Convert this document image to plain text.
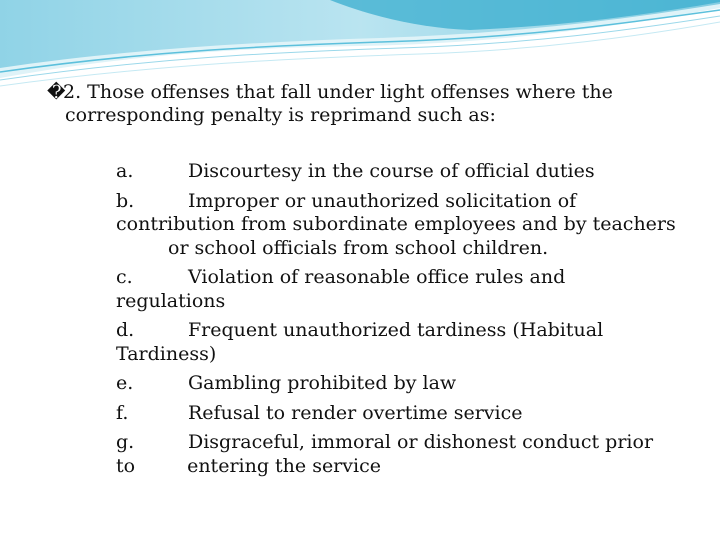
�2. Those offenses that fall under light offenses where the
corresponding penalty is reprimand such as:
a.	Discourtesy in the course of official duties
b.	Improper or unauthorized solicitation of contribution from subordinate employees and by teachersor school officials from school children.
c.	Violation of reasonable office rules and regulations
d.	Frequent unauthorized tardiness (Habitual Tardiness)
e.	Gambling prohibited by law
f.	Refusal to render overtime service
g.	Disgraceful, immoral or dishonest conduct prior to	entering the service
